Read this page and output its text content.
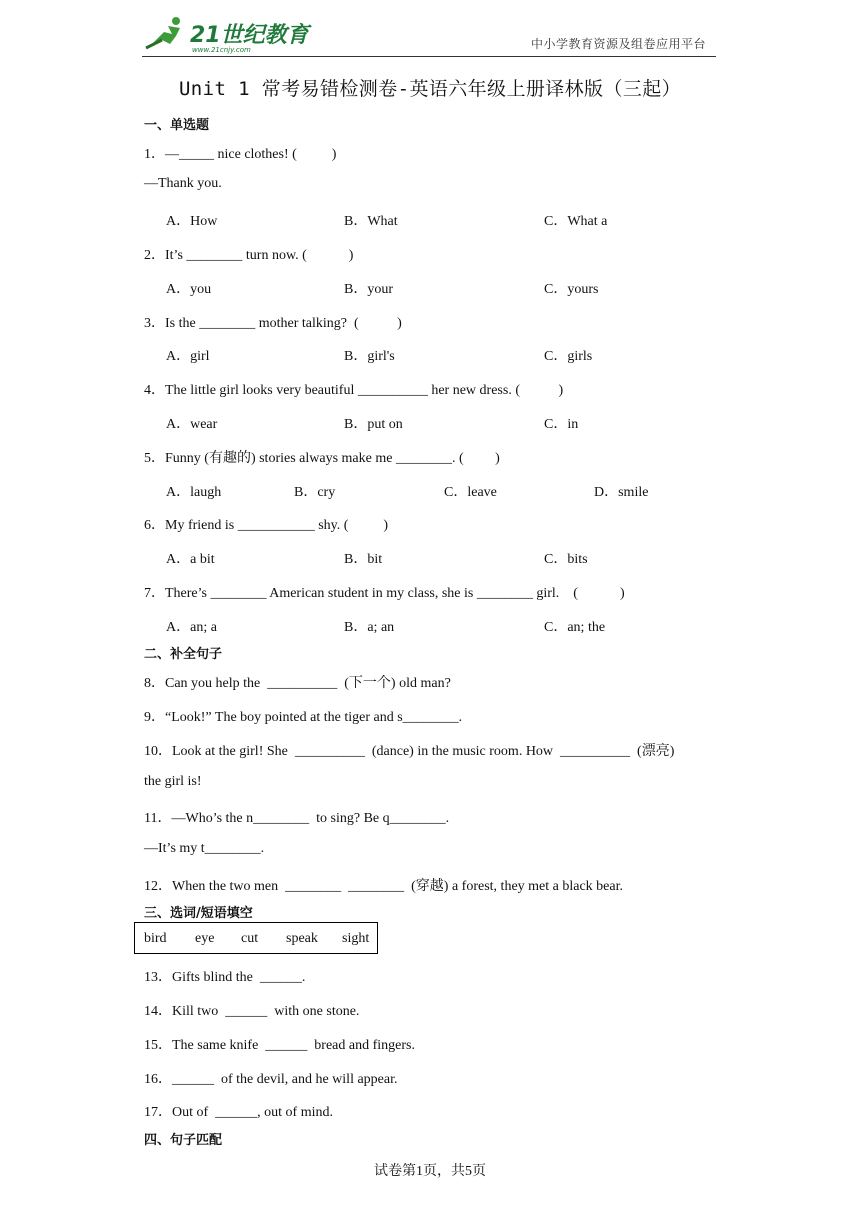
21世纪教育
www.21cnjy.com	中小学教育资源及组卷应用平台
Unit 1 常考易错检测卷-英语六年级上册译林版（三起）
一、单选题
1．—_____ nice clothes! (          )
—Thank you.
A．How	B．What	C．What a
2．It’s ________ turn now. (            )
A．you	B．your	C．yours
3．Is the ________ mother talking?  (           )
A．girl	B．girl's	C．girls
4．The little girl looks very beautiful __________ her new dress. (           )
A．wear	B．put on	C．in
5．Funny (有趣的) stories always make me ________. (         )
A．laugh	B．cry	C．leave	D．smile
6．My friend is ___________ shy. (          )
A．a bit	B．bit	C．bits
7．There’s ________ American student in my class, she is ________ girl.    (            )
A．an; a	B．a; an	C．an; the
二、补全句子
8．Can you help the  __________  (下一个) old man?
9．“Look!” The boy pointed at the tiger and s________.
10．Look at the girl! She  __________  (dance) in the music room. How  __________  (漂亮)
the girl is!
11．—Who’s the n________  to sing? Be q________.
—It’s my t________.
12．When the two men  ________  ________  (穿越) a forest, they met a black bear.
三、选词/短语填空
bird eye cut speak sight
13．Gifts blind the  ______.
14．Kill two  ______  with one stone.
15．The same knife  ______  bread and fingers.
16．______  of the devil, and he will appear.
17．Out of  ______, out of mind.
四、句子匹配
试卷第1页，共5页
